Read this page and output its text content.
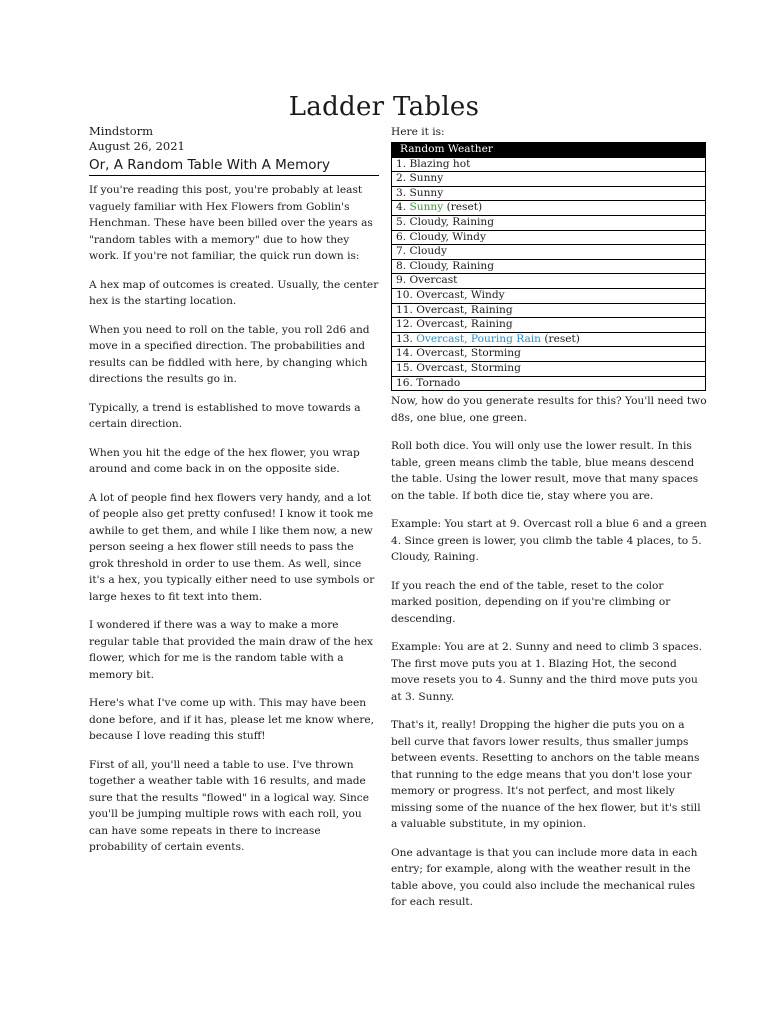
Ladder Tables

Mindstorm

August 26, 2021

Or, A Random Table With A Memory

If you're reading this post, you're probably at least vaguely familiar with Hex Flowers from Goblin's Henchman. These have been billed over the years as "random tables with a memory" due to how they work. If you're not familiar, the quick run down is:

A hex map of outcomes is created. Usually, the center hex is the starting location.

When you need to roll on the table, you roll 2d6 and move in a specified direction. The probabilities and results can be fiddled with here, by changing which directions the results go in.

Typically, a trend is established to move towards a certain direction.

When you hit the edge of the hex flower, you wrap around and come back in on the opposite side.

A lot of people find hex flowers very handy, and a lot of people also get pretty confused! I know it took me awhile to get them, and while I like them now, a new person seeing a hex flower still needs to pass the grok threshold in order to use them. As well, since it's a hex, you typically either need to use symbols or large hexes to fit text into them.

I wondered if there was a way to make a more regular table that provided the main draw of the hex flower, which for me is the random table with a memory bit.

Here's what I've come up with. This may have been done before, and if it has, please let me know where, because I love reading this stuff!

First of all, you'll need a table to use. I've thrown together a weather table with 16 results, and made sure that the results "flowed" in a logical way. Since you'll be jumping multiple rows with each roll, you can have some repeats in there to increase probability of certain events.

Here it is:

Random Weather
1. Blazing hot
2. Sunny
3. Sunny
4. Sunny (reset)
5. Cloudy, Raining
6. Cloudy, Windy
7. Cloudy
8. Cloudy, Raining
9. Overcast
10. Overcast, Windy
11. Overcast, Raining
12. Overcast, Raining
13. Overcast, Pouring Rain (reset)
14. Overcast, Storming
15. Overcast, Storming
16. Tornado

Now, how do you generate results for this? You'll need two d8s, one blue, one green.

Roll both dice. You will only use the lower result. In this table, green means climb the table, blue means descend the table. Using the lower result, move that many spaces on the table. If both dice tie, stay where you are.

Example: You start at 9. Overcast roll a blue 6 and a green 4. Since green is lower, you climb the table 4 places, to 5. Cloudy, Raining.

If you reach the end of the table, reset to the color marked position, depending on if you're climbing or descending.

Example: You are at 2. Sunny and need to climb 3 spaces. The first move puts you at 1. Blazing Hot, the second move resets you to 4. Sunny and the third move puts you at 3. Sunny.

That's it, really! Dropping the higher die puts you on a bell curve that favors lower results, thus smaller jumps between events. Resetting to anchors on the table means that running to the edge means that you don't lose your memory or progress. It's not perfect, and most likely missing some of the nuance of the hex flower, but it's still a valuable substitute, in my opinion.

One advantage is that you can include more data in each entry; for example, along with the weather result in the table above, you could also include the mechanical rules for each result.
